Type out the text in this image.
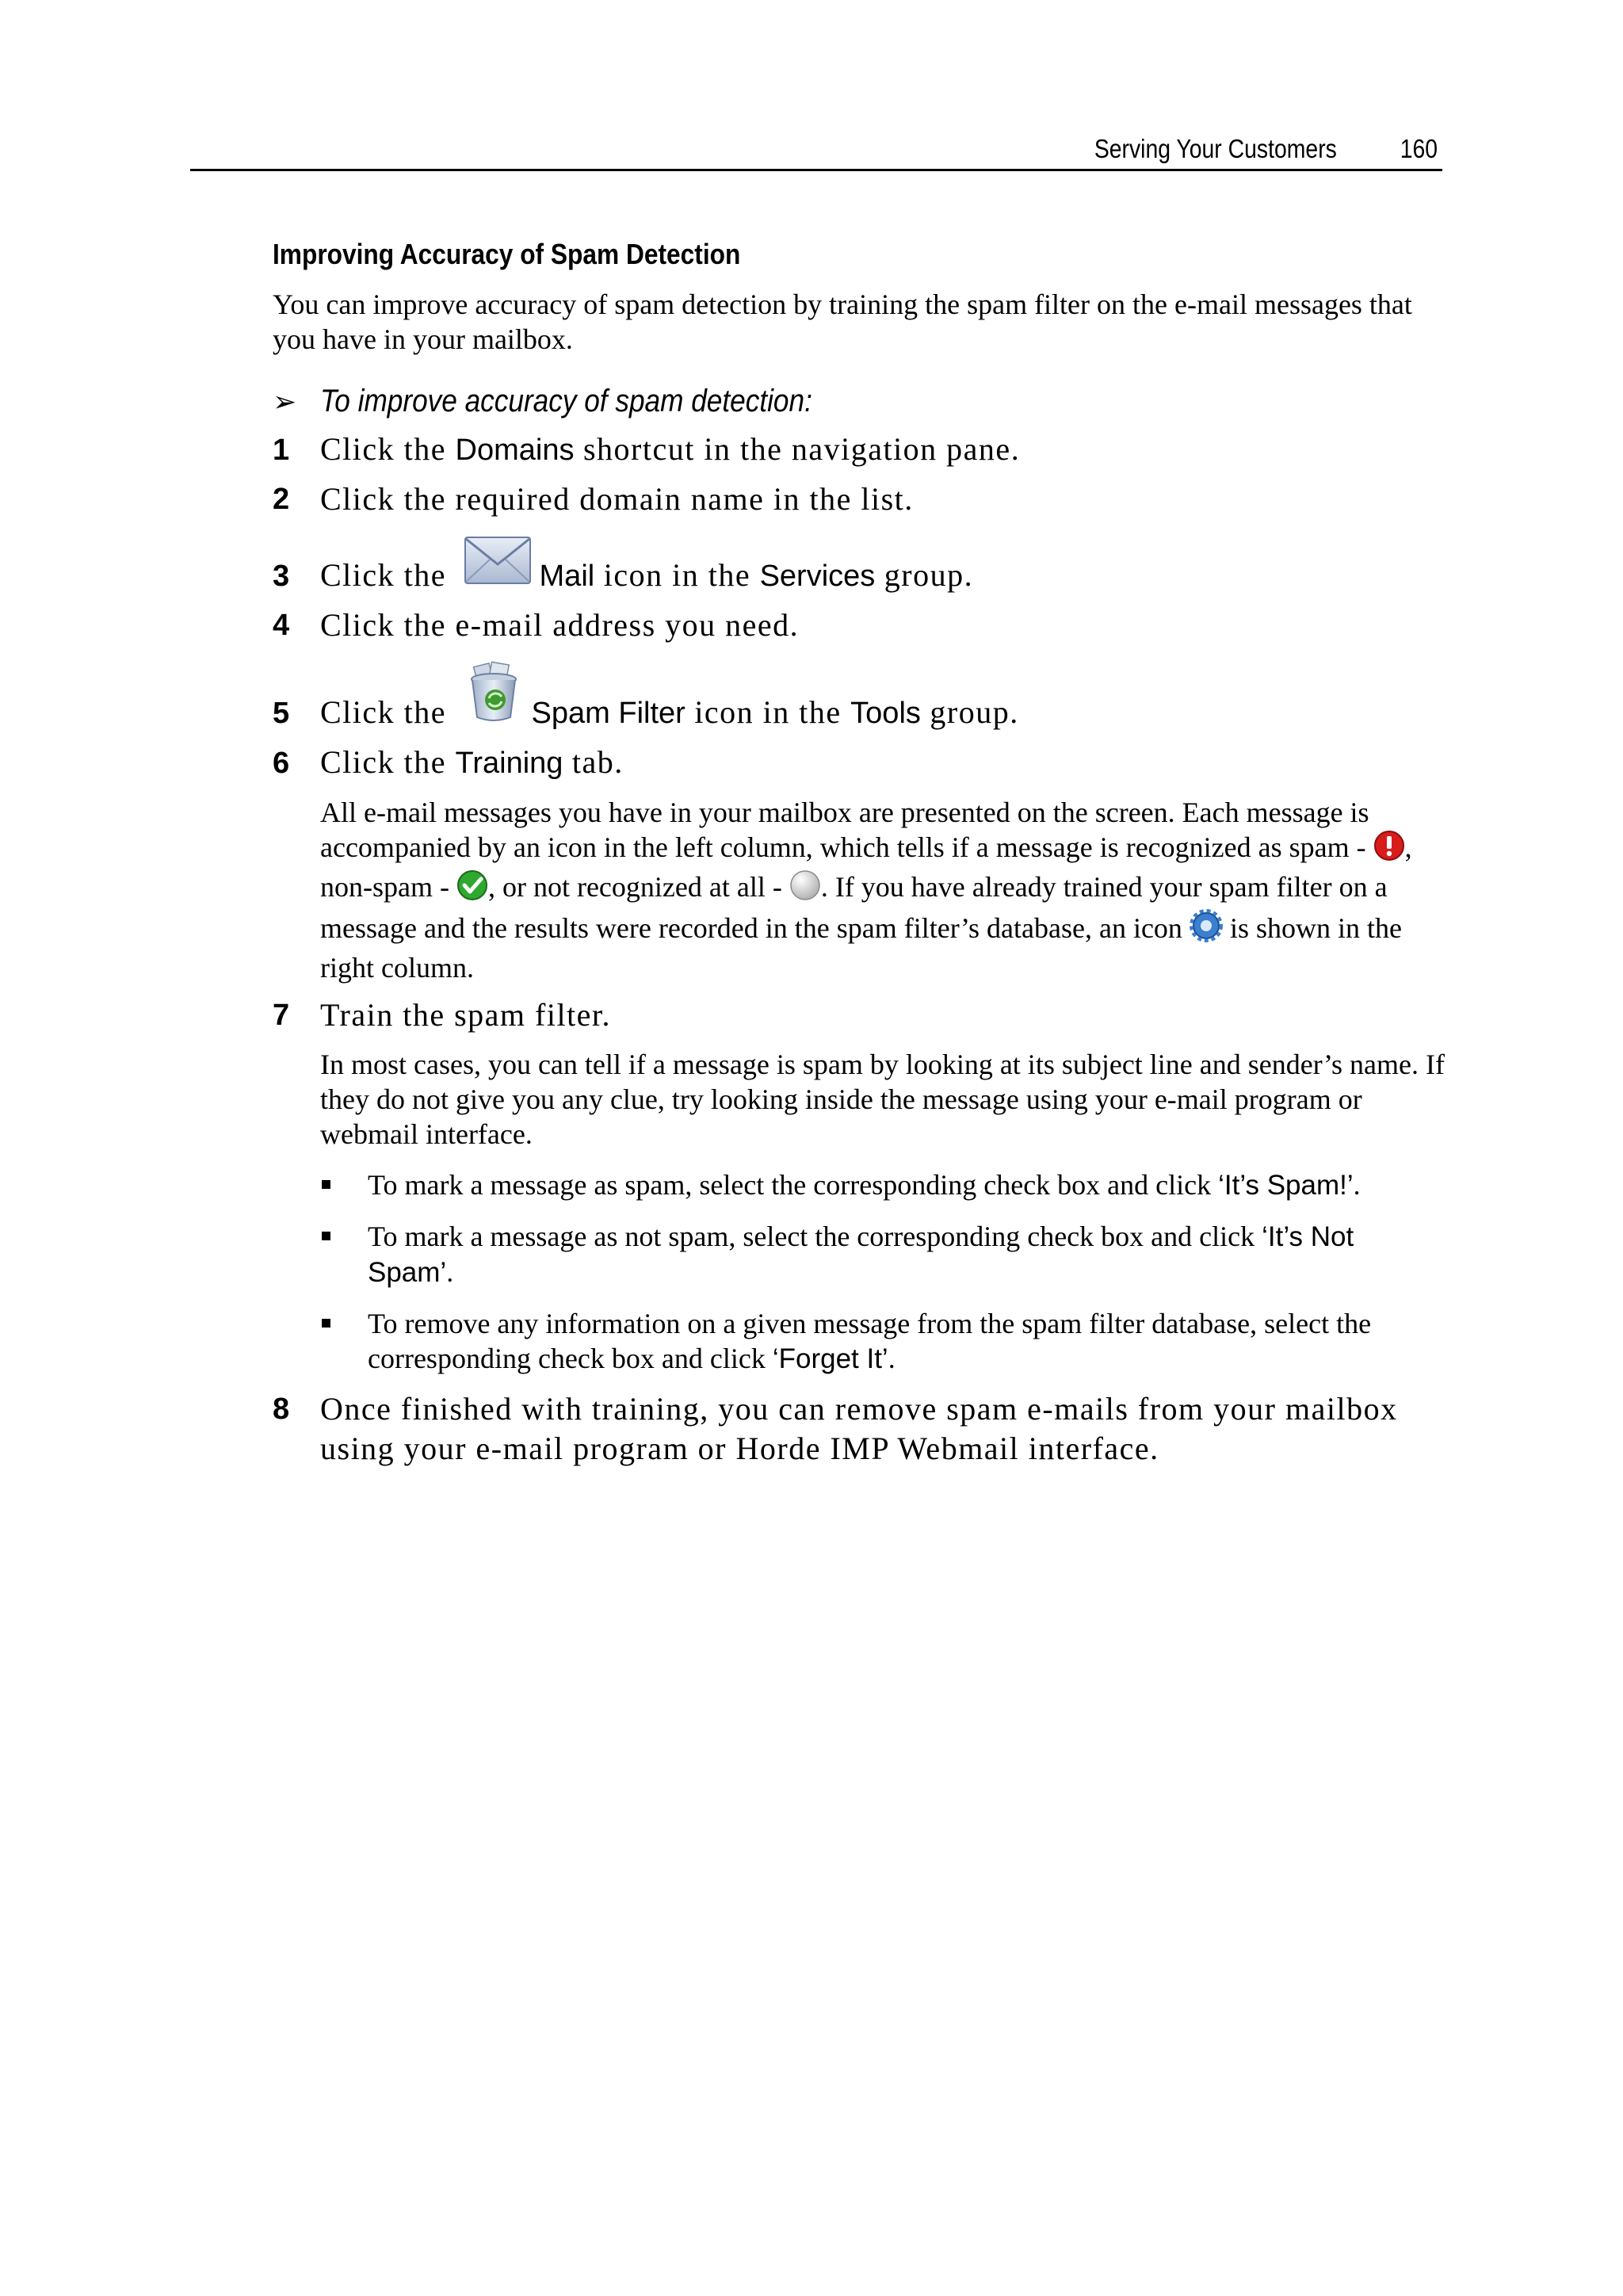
Serving Your Customers 160
Improving Accuracy of Spam Detection

You can improve accuracy of spam detection by training the spam filter on the e-mail messages that you have in your mailbox.

➢ To improve accuracy of spam detection:
1 Click the Domains shortcut in the navigation pane.
2 Click the required domain name in the list.
3 Click the	Mail icon in the Services group.
4 Click the e-mail address you need.
5 Click the	Spam Filter icon in the Tools group.
6 Click the Training tab.

All e-mail messages you have in your mailbox are presented on the screen. Each message is accompanied by an icon in the left column, which tells if a message is recognized as spam - , non-spam - , or not recognized at all - . If you have already trained your spam filter on a message and the results were recorded in the spam filter’s database, an icon  is shown in the right column.

7 Train the spam filter.

In most cases, you can tell if a message is spam by looking at its subject line and sender’s name. If they do not give you any clue, try looking inside the message using your e-mail program or webmail interface.

To mark a message as spam, select the corresponding check box and click ‘It’s Spam!’.
To mark a message as not spam, select the corresponding check box and click ‘It’s Not Spam’.
To remove any information on a given message from the spam filter database, select the corresponding check box and click ‘Forget It’.
8 Once finished with training, you can remove spam e-mails from your mailbox using your e-mail program or Horde IMP Webmail interface.
